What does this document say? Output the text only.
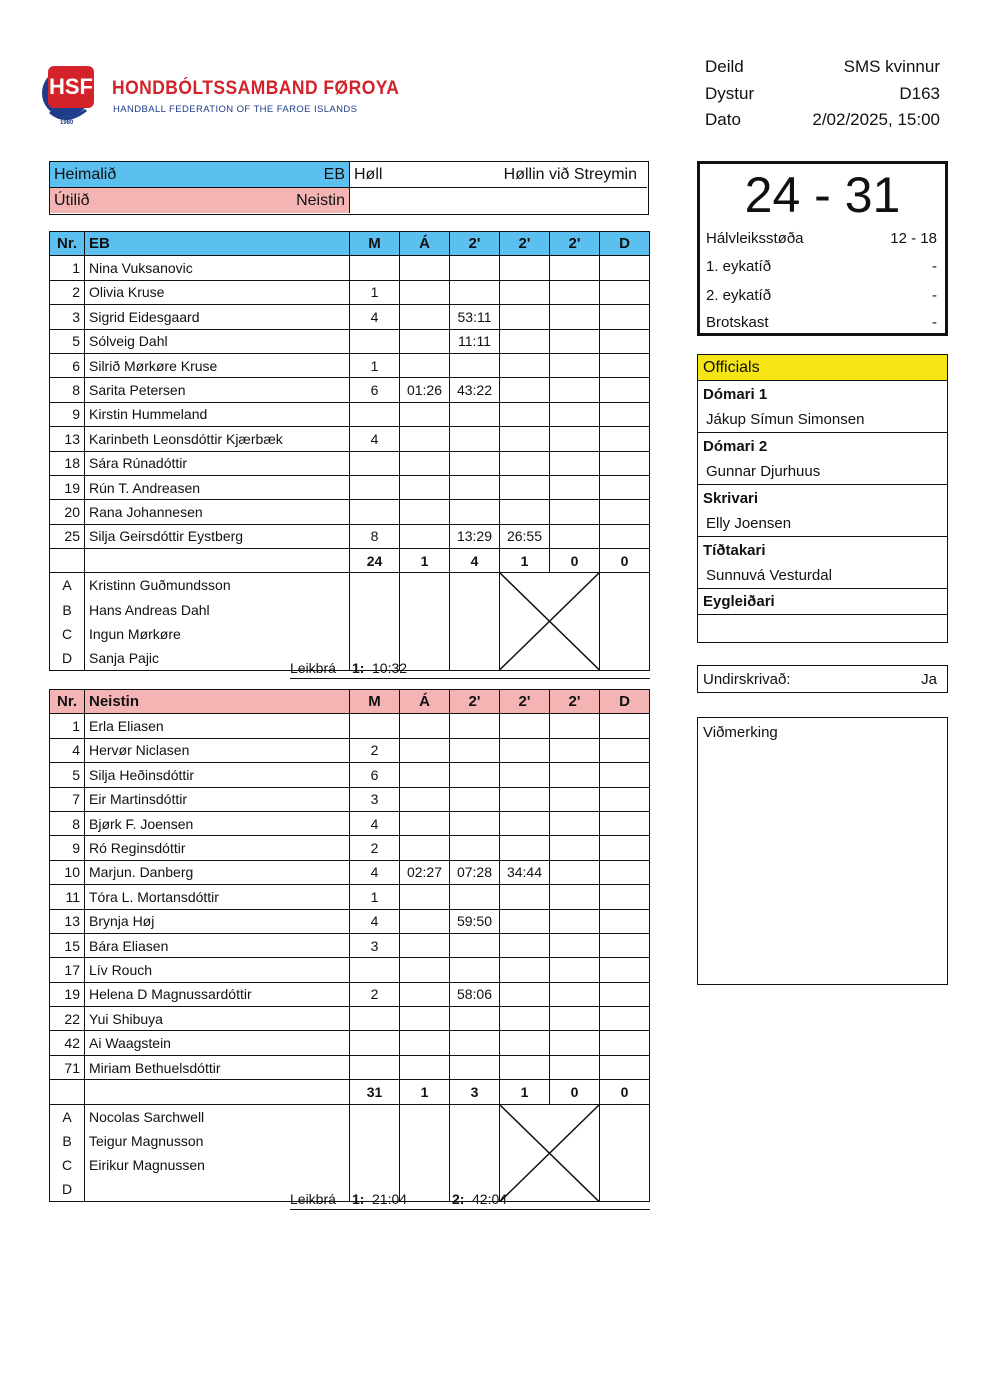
HSF
1980
HONDBÓLTSSAMBAND FØROYA
HANDBALL FEDERATION OF THE FAROE ISLANDS
Deild	SMS kvinnur
Dystur	D163
Dato	2/02/2025, 15:00
Heimalið	EB
Útilið	Neistin
Høll	Høllin við Streymin
Nr.	EB	M	Á	2'	2'	2'	D
1	Nina Vuksanovic						
2	Olivia Kruse	1					
3	Sigrid Eidesgaard	4		53:11			
5	Sólveig Dahl			11:11			
6	Silrið Mørkøre Kruse	1					
8	Sarita Petersen	6	01:26	43:22			
9	Kirstin Hummeland						
13	Karinbeth Leonsdóttir Kjærbæk	4					
18	Sára Rúnadóttir						
19	Rún T. Andreasen						
20	Rana Johannesen						
25	Silja Geirsdóttir Eystberg	8		13:29	26:55		
		24	1	4	1	0	0
A	Kristinn Guðmundsson				

B	Hans Andreas Dahl						
C	Ingun Mørkøre						
D	Sanja Pajic						
Leikbrá 1: 10:32
Nr.	Neistin	M	Á	2'	2'	2'	D
1	Erla Eliasen						
4	Hervør Niclasen	2					
5	Silja Heðinsdóttir	6					
7	Eir Martinsdóttir	3					
8	Bjørk F. Joensen	4					
9	Ró Reginsdóttir	2					
10	Marjun. Danberg	4	02:27	07:28	34:44		
11	Tóra L. Mortansdóttir	1					
13	Brynja Høj	4		59:50			
15	Bára Eliasen	3					
17	Lív Rouch						
19	Helena D Magnussardóttir	2		58:06			
22	Yui Shibuya						
42	Ai Waagstein						
71	Miriam Bethuelsdóttir						
		31	1	3	1	0	0
A	Nocolas Sarchwell				

B	Teigur Magnusson						
C	Eirikur Magnussen						
D							
Leikbrá 1: 21:04	2: 42:04
24 - 31
Hálvleiksstøða	12 - 18
1. eykatíð	-
2. eykatíð	-
Brotskast	-
Officials
Dómari 1
Jákup Símun Simonsen
Dómari 2
Gunnar Djurhuus
Skrivari
Elly Joensen
Tíðtakari
Sunnuvá Vesturdal
Eygleiðari
Undirskrivað:	Ja
Viðmerking
